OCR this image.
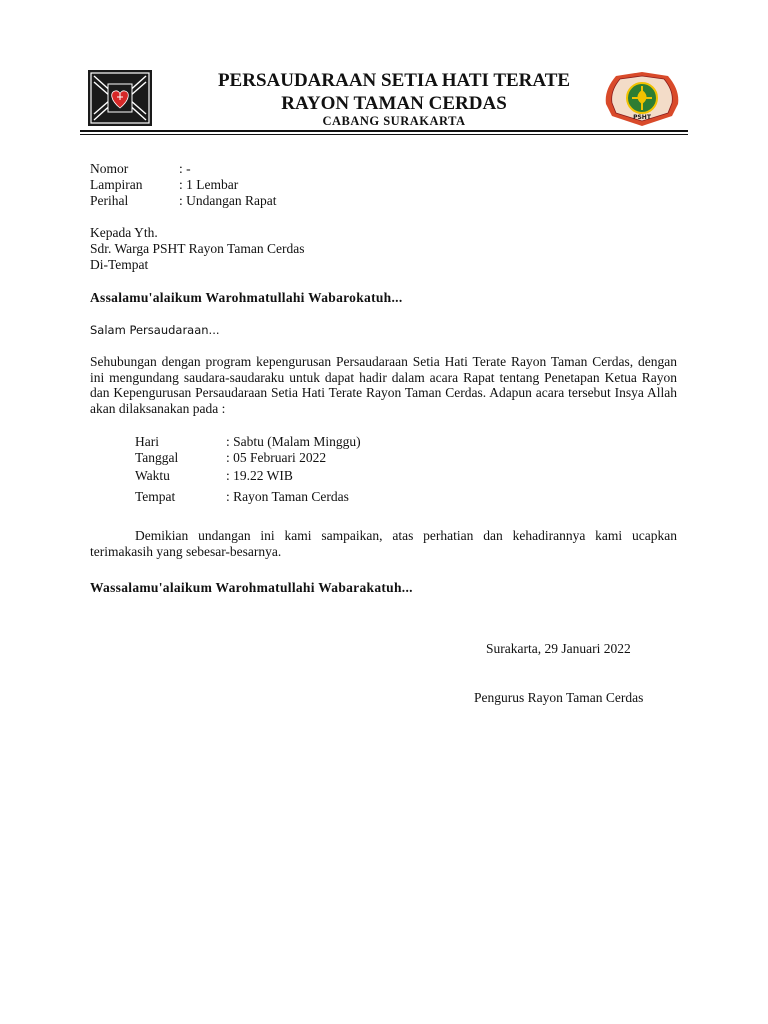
PSHT
PERSAUDARAAN SETIA HATI TERATE
RAYON TAMAN CERDAS
CABANG SURAKARTA
Nomor	: -
Lampiran	: 1 Lembar
Perihal	: Undangan Rapat
Kepada Yth.
Sdr. Warga PSHT Rayon Taman Cerdas
Di-Tempat
Assalamu'alaikum Warohmatullahi Wabarokatuh...
Salam Persaudaraan...
Sehubungan dengan program kepengurusan Persaudaraan Setia Hati Terate Rayon Taman Cerdas, dengan ini mengundang saudara-saudaraku untuk dapat hadir dalam acara Rapat tentang Penetapan Ketua Rayon dan Kepengurusan Persaudaraan Setia Hati Terate Rayon Taman Cerdas. Adapun acara tersebut Insya Allah akan dilaksanakan pada :
Hari	: Sabtu (Malam Minggu)
Tanggal	: 05 Februari 2022
Waktu	: 19.22 WIB
Tempat	: Rayon Taman Cerdas
Demikian undangan ini kami sampaikan, atas perhatian dan kehadirannya kami ucapkan terimakasih yang sebesar-besarnya.
Wassalamu'alaikum Warohmatullahi Wabarakatuh...
Surakarta, 29 Januari 2022
Pengurus Rayon Taman Cerdas
